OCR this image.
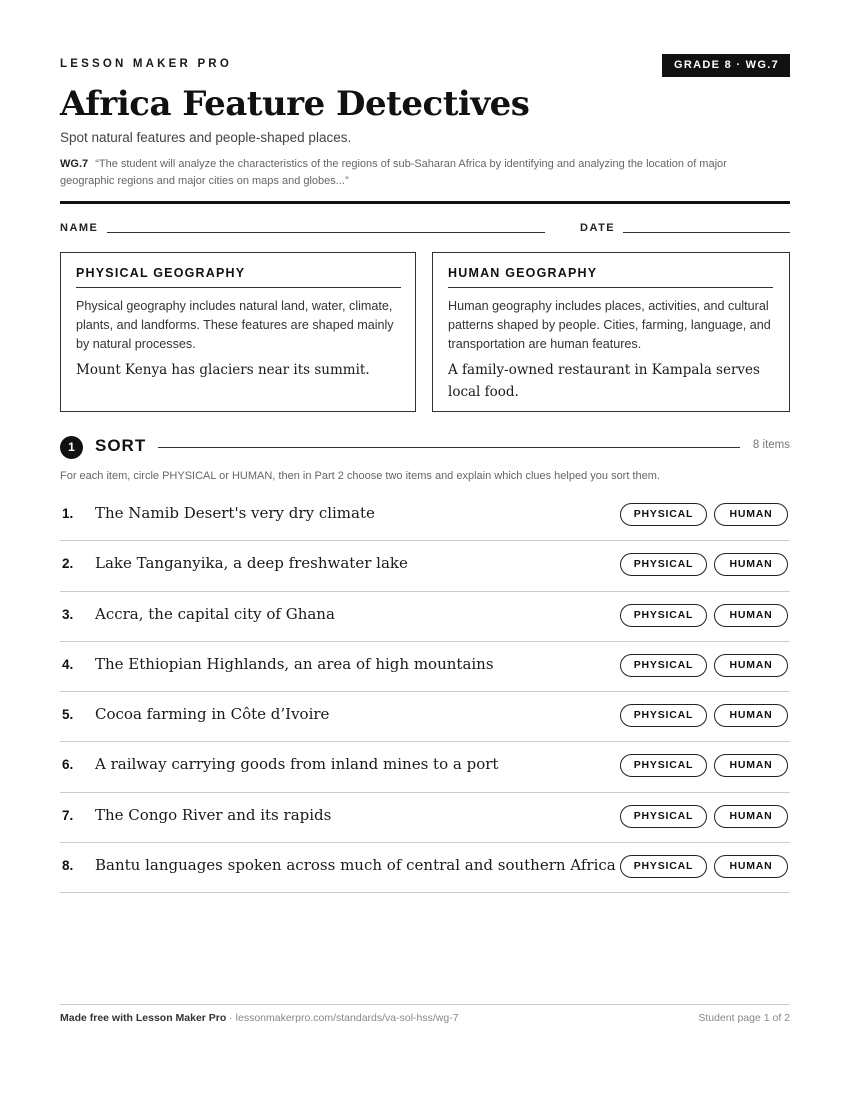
LESSON MAKER PRO	GRADE 8 · WG.7
Africa Feature Detectives
Spot natural features and people-shaped places.
WG.7 “The student will analyze the characteristics of the regions of sub-Saharan Africa by identifying and analyzing the location of major geographic regions and major cities on maps and globes...”
NAME	DATE
PHYSICAL GEOGRAPHY
Physical geography includes natural land, water, climate, plants, and landforms. These features are shaped mainly by natural processes.
Mount Kenya has glaciers near its summit.
HUMAN GEOGRAPHY
Human geography includes places, activities, and cultural patterns shaped by people. Cities, farming, language, and transportation are human features.
A family-owned restaurant in Kampala serves local food.
1	SORT	8 items
For each item, circle PHYSICAL or HUMAN, then in Part 2 choose two items and explain which clues helped you sort them.
1. The Namib Desert's very dry climate	PHYSICAL	HUMAN
2. Lake Tanganyika, a deep freshwater lake	PHYSICAL	HUMAN
3. Accra, the capital city of Ghana	PHYSICAL	HUMAN
4. The Ethiopian Highlands, an area of high mountains	PHYSICAL	HUMAN
5. Cocoa farming in Côte d’Ivoire	PHYSICAL	HUMAN
6. A railway carrying goods from inland mines to a port	PHYSICAL	HUMAN
7. The Congo River and its rapids	PHYSICAL	HUMAN
8. Bantu languages spoken across much of central and southern Africa	PHYSICAL	HUMAN
Made free with Lesson Maker Pro · lessonmakerpro.com/standards/va-sol-hss/wg-7	Student page 1 of 2
